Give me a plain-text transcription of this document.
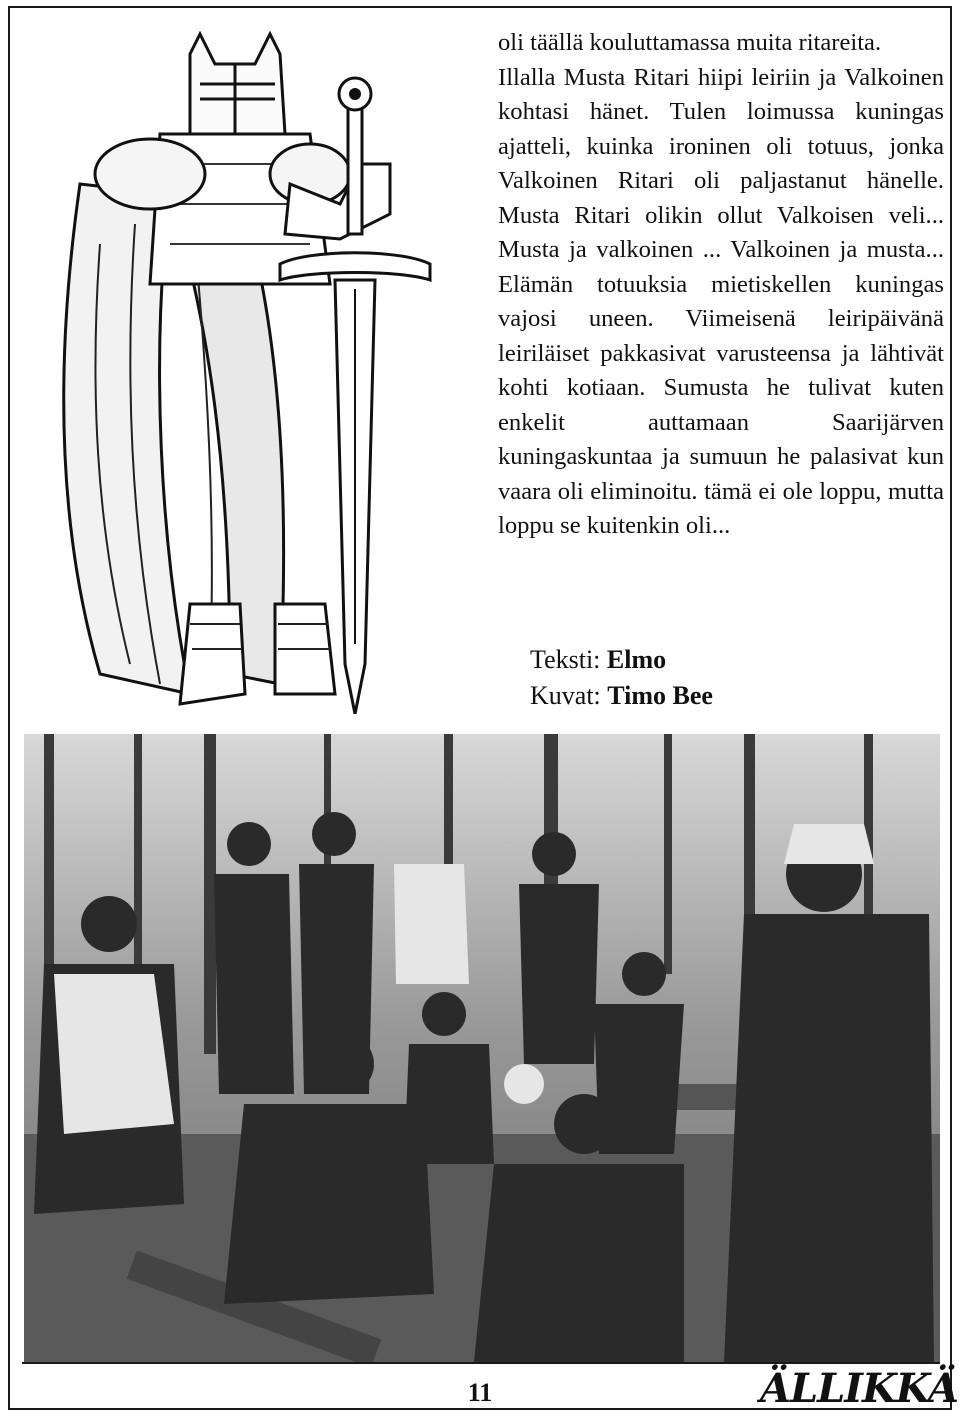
oli täällä kouluttamassa muita ritareita.
Illalla Musta Ritari hiipi leiriin ja Valkoinen kohtasi hänet. Tulen loimussa kuningas ajatteli, kuinka ironinen oli totuus, jonka Valkoinen Ritari oli paljastanut hänelle. Musta Ritari olikin ollut Valkoisen veli... Musta ja valkoinen ... Valkoinen ja musta... Elämän totuuksia mietiskellen kuningas vajosi uneen. Viimeisenä leiripäivänä leiriläiset pakkasivat varusteensa ja lähtivät kohti kotiaan. Sumusta he tulivat kuten enkelit auttamaan Saarijärven kuningaskuntaa ja sumuun he palasivat kun vaara oli eliminoitu. tämä ei ole loppu, mutta loppu se kuitenkin oli...

Teksti: Elmo
Kuvat: Timo Bee
11	ÄLLIKKÄ
